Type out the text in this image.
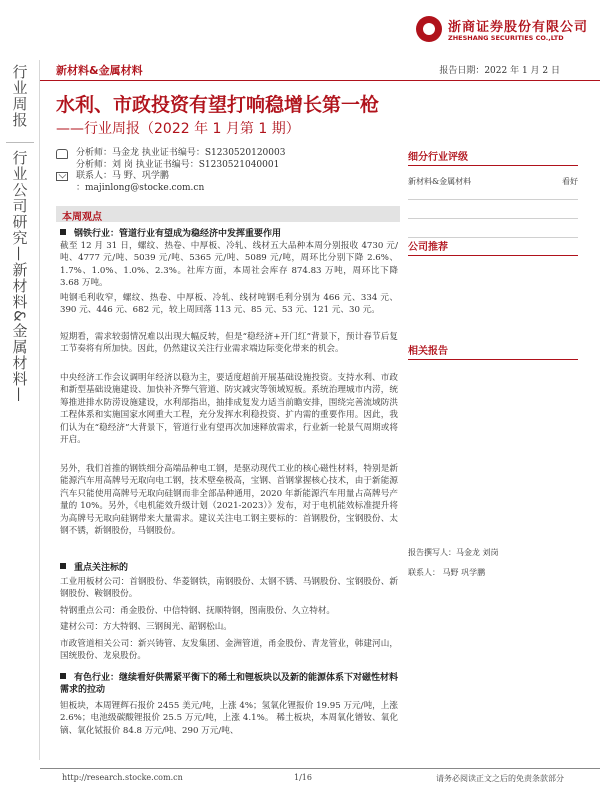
浙商证券股份有限公司
ZHESHANG SECURITIES CO.,LTD
行业周报
行业公司研究—新材料&金属材料—
新材料&金属材料	报告日期：2022 年 1 月 2 日
水利、市政投资有望打响稳增长第一枪
——行业周报（2022 年 1 月第 1 期）
分析师：马金龙 执业证书编号：S1230520120003
分析师：刘 岗 执业证书编号：S1230521040001
联系人：马 野、巩学鹏
：majinlong@stocke.com.cn
本周观点
钢铁行业：管道行业有望成为稳经济中发挥重要作用
截至 12 月 31 日，螺纹、热卷、中厚板、冷轧、线材五大品种本周分别报收 4730 元/吨、4777 元/吨、5039 元/吨、5365 元/吨、5089 元/吨，周环比分别下降 2.6%、1.7%、1.0%、1.0%、2.3%。社库方面，本周社会库存 874.83 万吨，周环比下降 3.68 万吨。
吨钢毛利收窄，螺纹、热卷、中厚板、冷轧、线材吨钢毛利分别为 466 元、334 元、390 元、446 元、682 元，较上周回落 113 元、85 元、53 元、121 元、30 元。
短期看，需求较弱情况难以出现大幅反转，但是“稳经济+开门红”背景下，预计春节后复工节奏将有所加快。因此，仍然建议关注行业需求端边际变化带来的机会。
中央经济工作会议调明年经济以稳为主，要适度超前开展基础设施投资。支持水利、市政和新型基础设施建设、加快补齐弊气管道、防灾减灾等领域短板。系统治理城市内涝，统筹推进排水防涝设施建设，水利部指出，抽排成复发力适当前瞻安排，围绕完善流域防洪工程体系和实施国家水网重大工程，充分发挥水利稳投资、扩内需的重要作用。因此，我们认为在“稳经济”大背景下，管道行业有望再次加速释放需求，行业新一轮景气周期或将开启。
另外，我们首推的钢铁细分高端品种电工钢，是驱动现代工业的核心磁性材料，特别是新能源汽车用高牌号无取向电工钢，技术壁垒极高，宝钢、首钢掌握核心技术，由于新能源汽车只能使用高牌号无取向硅钢而非全部品种通用，2020 年新能源汽车用量占高牌号产量的 10%。另外，《电机能效升级计划（2021-2023）》发布，对于电机能效标准提升将为高牌号无取向硅钢带来大量需求。建议关注电工钢主要标的：首钢股份，宝钢股份、太钢不锈，新钢股份，马钢股份。
重点关注标的
工业用板材公司：首钢股份、华菱钢铁，南钢股份、太钢不锈、马钢股份、宝钢股份、新钢股份、鞍钢股份。
特钢重点公司：甬金股份、中信特钢、抚顺特钢，图南股份、久立特材。
建材公司：方大特钢、三钢闽光、韶钢松山。
市政管道相关公司：新兴铸管、友发集团、金洲管道，甬金股份、青龙管业，韩建河山，国统股份、龙泉股份。
有色行业：继续看好供需紧平衡下的稀土和锂板块以及新的能源体系下对磁性材料需求的拉动
钽板块，本周锂辉石报价 2455 美元/吨，上涨 4%；氢氧化锂报价 19.95 万元/吨，上涨 2.6%；电池级碳酸锂报价 25.5 万元/吨，上涨 4.1%。 稀土板块，本周氧化镨钕、氧化镝、氧化铽报价 84.8 万元/吨、290 万元/吨、
细分行业评级
新材料&金属材料	看好
公司推荐
相关报告
报告撰写人：马金龙 刘岗
联系人： 马野 巩学鹏
http://research.stocke.com.cn	1/16	请务必阅读正文之后的免责条款部分
